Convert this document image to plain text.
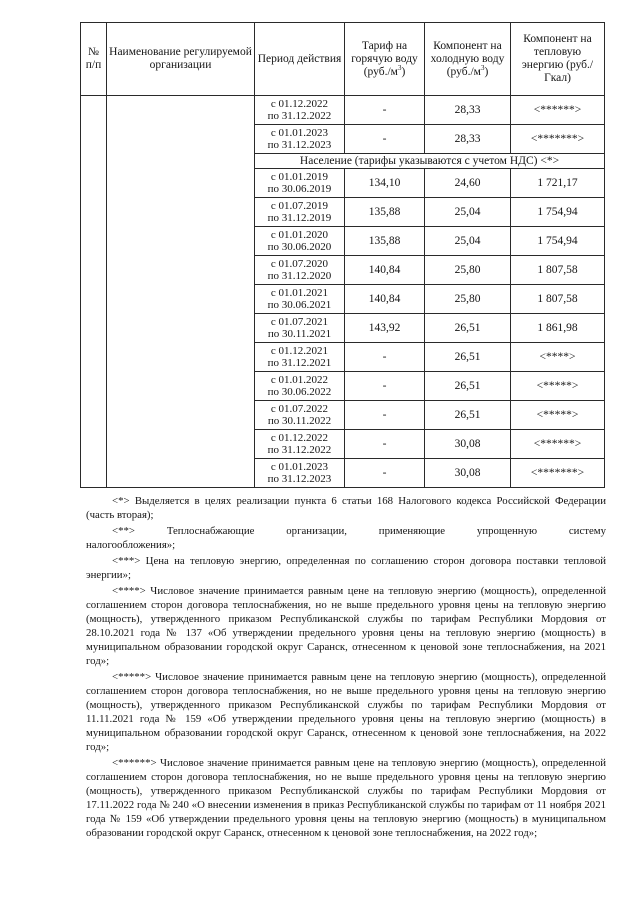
№ п/п	Наименование регулируемой организации	Период действия	Тариф на горячую воду $(руб./м^3)$	Компонент на холодную воду $(руб./м^3)$	Компонент на тепловую энергию (руб./Гкал)
		с 01.12.2022
по 31.12.2022	-	28,33	<******>
		с 01.01.2023
по 31.12.2023	-	28,33	<*******>
		Население (тарифы указываются с учетом НДС) <*>			
		с 01.01.2019
по 30.06.2019	134,10	24,60	1 721,17
		с 01.07.2019
по 31.12.2019	135,88	25,04	1 754,94
		с 01.01.2020
по 30.06.2020	135,88	25,04	1 754,94
		с 01.07.2020
по 31.12.2020	140,84	25,80	1 807,58
		с 01.01.2021
по 30.06.2021	140,84	25,80	1 807,58
		с 01.07.2021
по 30.11.2021	143,92	26,51	1 861,98
		с 01.12.2021
по 31.12.2021	-	26,51	<****>
		с 01.01.2022
по 30.06.2022	-	26,51	<*****>
		с 01.07.2022
по 30.11.2022	-	26,51	<*****>
		с 01.12.2022
по 31.12.2022	-	30,08	<******>
		с 01.01.2023
по 31.12.2023	-	30,08	<*******>

<*> Выделяется в целях реализации пункта 6 статьи 168 Налогового кодекса Российской Федерации (часть вторая);

<**> Теплоснабжающие организации, применяющие упрощенную систему

налогообложения»;

<***> Цена на тепловую энергию, определенная по соглашению сторон договора поставки тепловой энергии»;

<****> Числовое значение принимается равным цене на тепловую энергию (мощность), определенной соглашением сторон договора теплоснабжения, но не выше предельного уровня цены на тепловую энергию (мощность), утвержденного приказом Республиканской службы по тарифам Республики Мордовия от 28.10.2021 года № 137 «Об утверждении предельного уровня цены на тепловую энергию (мощность) в муниципальном образовании городской округ Саранск, отнесенном к ценовой зоне теплоснабжения, на 2021 год»;

<*****> Числовое значение принимается равным цене на тепловую энергию (мощность), определенной соглашением сторон договора теплоснабжения, но не выше предельного уровня цены на тепловую энергию (мощность), утвержденного приказом Республиканской службы по тарифам Республики Мордовия от 11.11.2021 года № 159 «Об утверждении предельного уровня цены на тепловую энергию (мощность) в муниципальном образовании городской округ Саранск, отнесенном к ценовой зоне теплоснабжения, на 2022 год»;

<******> Числовое значение принимается равным цене на тепловую энергию (мощность), определенной соглашением сторон договора теплоснабжения, но не выше предельного уровня цены на тепловую энергию (мощность), утвержденного приказом Республиканской службы по тарифам Республики Мордовия от 17.11.2022 года № 240 «О внесении изменения в приказ Республиканской службы по тарифам от 11 ноября 2021 года № 159 «Об утверждении предельного уровня цены на тепловую энергию (мощность) в муниципальном образовании городской округ Саранск, отнесенном к ценовой зоне теплоснабжения, на 2022 год»;
